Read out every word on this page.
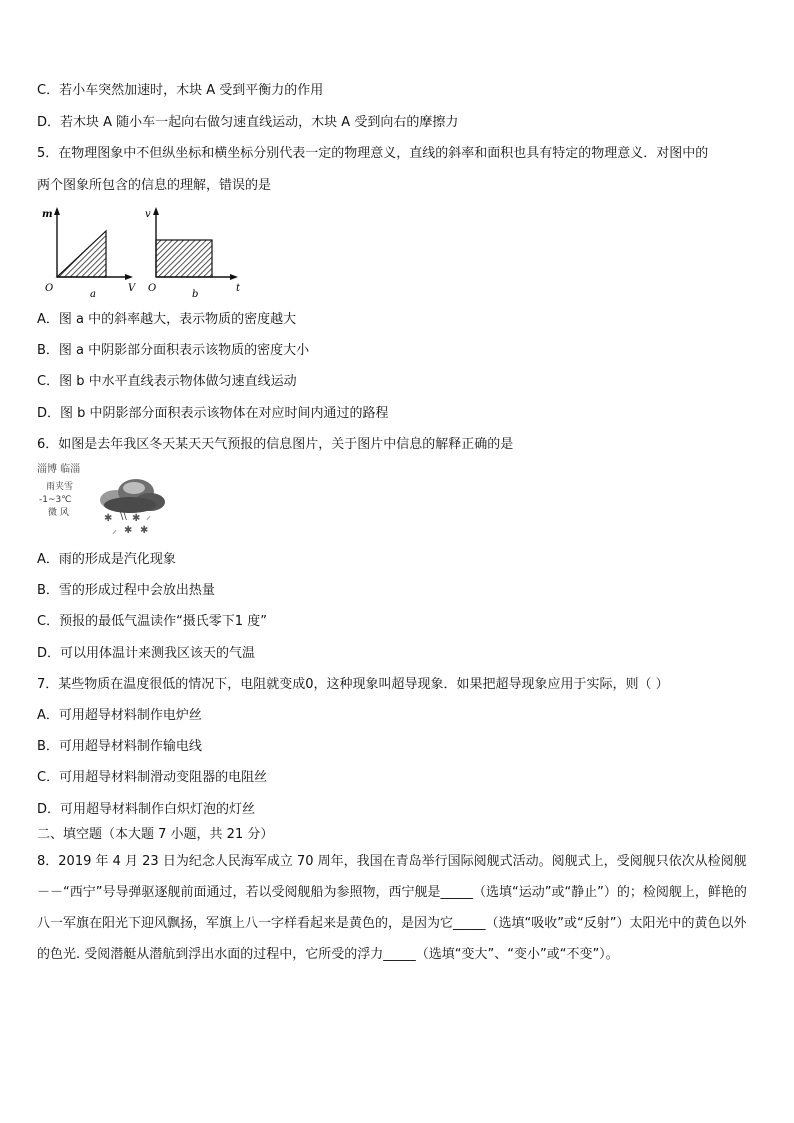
C．若小车突然加速时，木块 A 受到平衡力的作用
D．若木块 A 随小车一起向右做匀速直线运动，木块 A 受到向右的摩擦力
5．在物理图象中不但纵坐标和横坐标分别代表一定的物理意义，直线的斜率和面积也具有特定的物理意义．对图中的
两个图象所包含的信息的理解，错误的是
m
O	V
a
v
O	t
b
A．图 a 中的斜率越大，表示物质的密度越大
B．图 a 中阴影部分面积表示该物质的密度大小
C．图 b 中水平直线表示物体做匀速直线运动
D．图 b 中阴影部分面积表示该物体在对应时间内通过的路程
6．如图是去年我区冬天某天天气预报的信息图片，关于图片中信息的解释正确的是
淄博 临淄
雨夹雪
-1~3℃
微 风	✱ \\ ✱ ⸝
⸝ ✱ ✱
A．雨的形成是汽化现象
B．雪的形成过程中会放出热量
C．预报的最低气温读作“摄氏零下1 度”
D．可以用体温计来测我区该天的气温
7．某些物质在温度很低的情况下，电阻就变成0，这种现象叫超导现象．如果把超导现象应用于实际，则（ ）
A．可用超导材料制作电炉丝
B．可用超导材料制作输电线
C．可用超导材料制滑动变阻器的电阻丝
D．可用超导材料制作白炽灯泡的灯丝
二、填空题（本大题 7 小题，共 21 分）
8．2019 年 4 月 23 日为纪念人民海军成立 70 周年，我国在青岛举行国际阅舰式活动。阅舰式上，受阅舰只依次从检阅舰－－“西宁”号导弹驱逐舰前面通过，若以受阅舰船为参照物，西宁舰是_____（选填“运动”或“静止”）的；检阅舰上，鲜艳的八一军旗在阳光下迎风飘扬，军旗上八一字样看起来是黄色的，是因为它_____（选填“吸收”或“反射”）太阳光中的黄色以外的色光. 受阅潜艇从潜航到浮出水面的过程中，它所受的浮力_____（选填“变大”、“变小”或“不变”）。
